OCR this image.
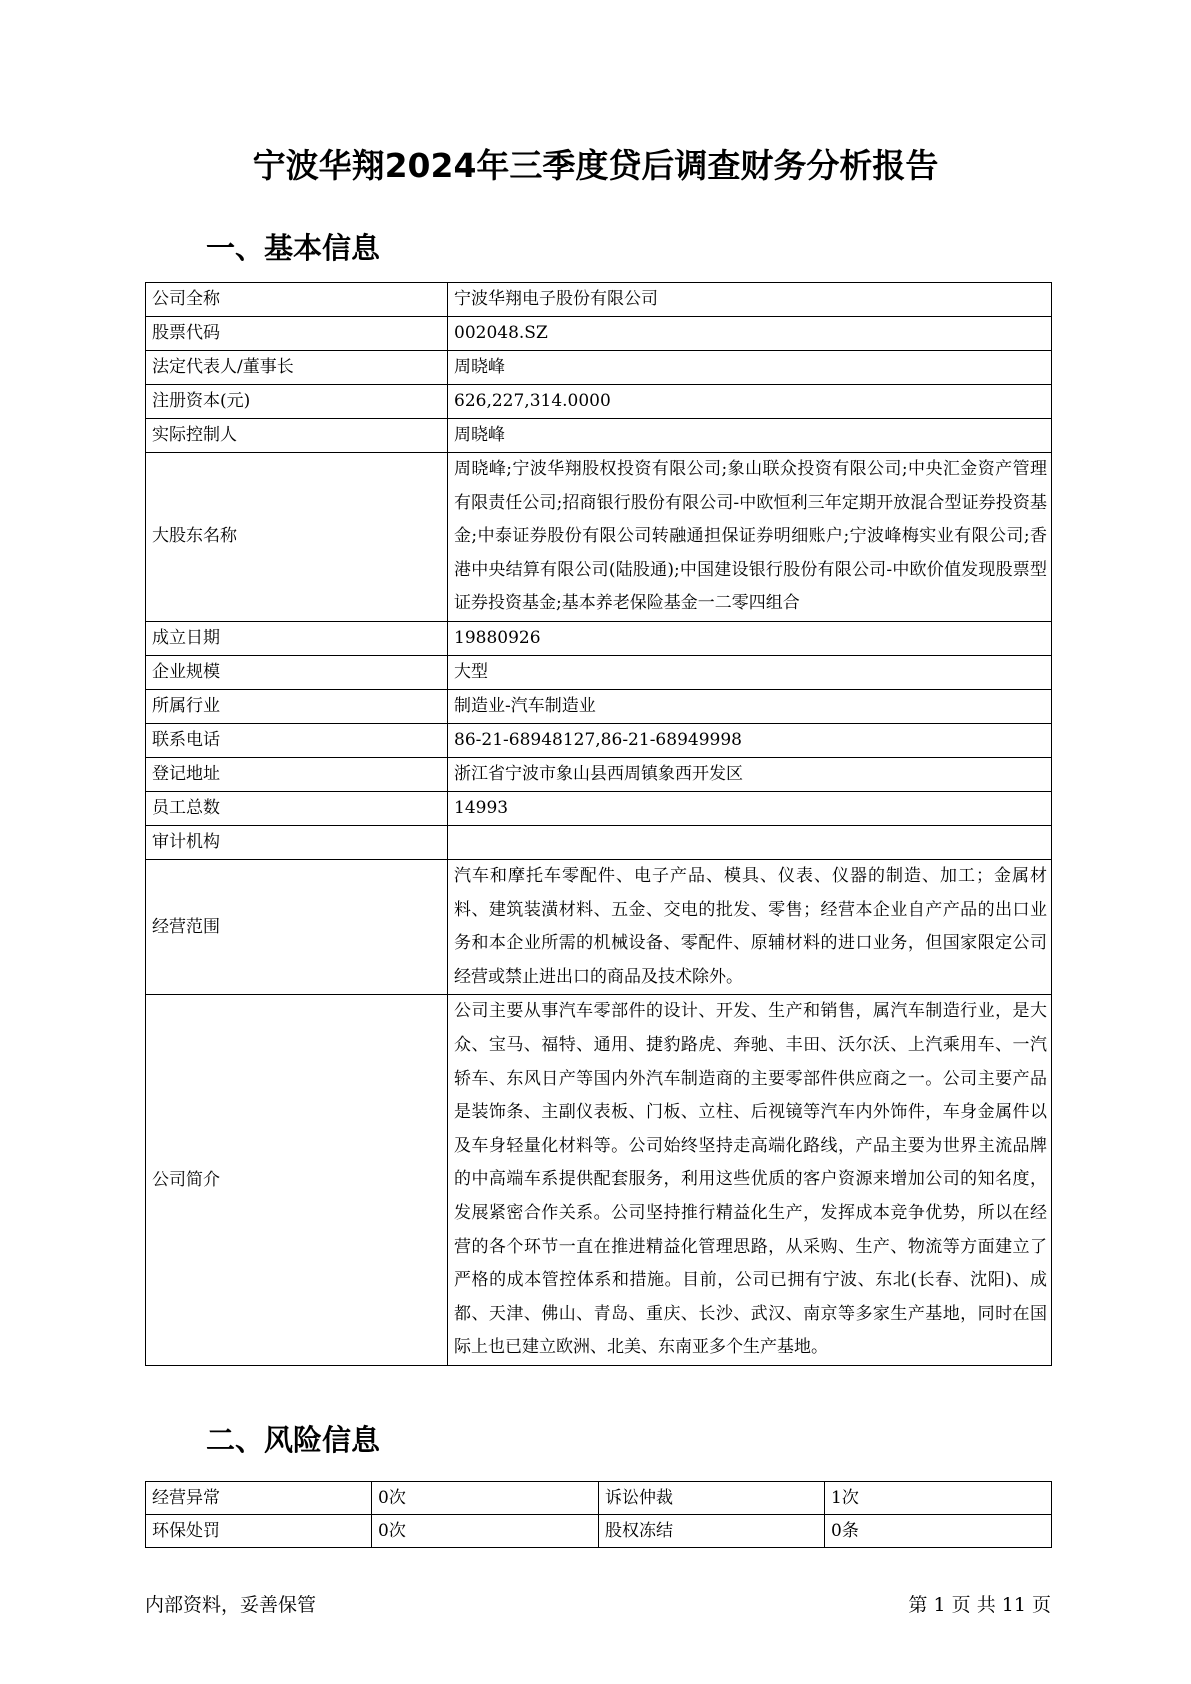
宁波华翔2024年三季度贷后调查财务分析报告
一、基本信息
公司全称	宁波华翔电子股份有限公司
股票代码	002048.SZ
法定代表人/董事长	周晓峰
注册资本(元)	626,227,314.0000
实际控制人	周晓峰
大股东名称	周晓峰;宁波华翔股权投资有限公司;象山联众投资有限公司;中央汇金资产管理有限责任公司;招商银行股份有限公司-中欧恒利三年定期开放混合型证券投资基金;中泰证券股份有限公司转融通担保证券明细账户;宁波峰梅实业有限公司;香港中央结算有限公司(陆股通);中国建设银行股份有限公司-中欧价值发现股票型证券投资基金;基本养老保险基金一二零四组合
成立日期	19880926
企业规模	大型
所属行业	制造业-汽车制造业
联系电话	86-21-68948127,86-21-68949998
登记地址	浙江省宁波市象山县西周镇象西开发区
员工总数	14993
审计机构	
经营范围	汽车和摩托车零配件、电子产品、模具、仪表、仪器的制造、加工；金属材料、建筑装潢材料、五金、交电的批发、零售；经营本企业自产产品的出口业务和本企业所需的机械设备、零配件、原辅材料的进口业务，但国家限定公司经营或禁止进出口的商品及技术除外。
公司简介	公司主要从事汽车零部件的设计、开发、生产和销售，属汽车制造行业，是大众、宝马、福特、通用、捷豹路虎、奔驰、丰田、沃尔沃、上汽乘用车、一汽轿车、东风日产等国内外汽车制造商的主要零部件供应商之一。公司主要产品是装饰条、主副仪表板、门板、立柱、后视镜等汽车内外饰件，车身金属件以及车身轻量化材料等。公司始终坚持走高端化路线，产品主要为世界主流品牌的中高端车系提供配套服务，利用这些优质的客户资源来增加公司的知名度，发展紧密合作关系。公司坚持推行精益化生产，发挥成本竞争优势，所以在经营的各个环节一直在推进精益化管理思路，从采购、生产、物流等方面建立了严格的成本管控体系和措施。目前，公司已拥有宁波、东北(长春、沈阳)、成都、天津、佛山、青岛、重庆、长沙、武汉、南京等多家生产基地，同时在国际上也已建立欧洲、北美、东南亚多个生产基地。
二、风险信息
经营异常	0次	诉讼仲裁	1次
环保处罚	0次	股权冻结	0条
内部资料，妥善保管	第 1 页 共 11 页
